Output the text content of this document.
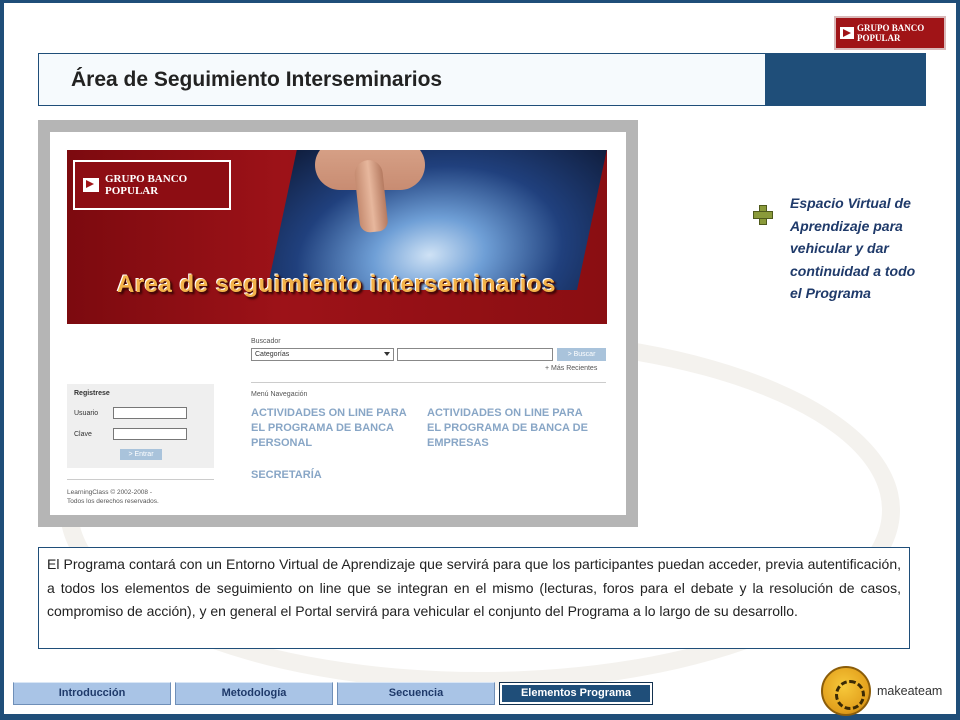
GRUPO BANCO POPULAR
Área de Seguimiento Interseminarios
GRUPO BANCO POPULAR
Area de seguimiento interseminarios
Buscador
Categorías	> Buscar
+ Más Recientes
Menú Navegación
ACTIVIDADES ON LINE PARA EL PROGRAMA DE BANCA PERSONAL
ACTIVIDADES ON LINE PARA EL PROGRAMA DE BANCA DE EMPRESAS
SECRETARÍA
Registrese
Usuario
Clave
> Entrar
LearningClass © 2002-2008 -
Todos los derechos reservados.
Espacio Virtual de Aprendizaje para vehicular y dar continuidad a todo el Programa
El Programa contará con un Entorno Virtual de Aprendizaje que servirá para que los participantes puedan acceder, previa autentificación, a todos los elementos de seguimiento on line que se integran en el mismo (lecturas, foros para el debate y la resolución de casos, compromiso de acción), y en general el Portal servirá para vehicular el conjunto del Programa a lo largo de su desarrollo.
Introducción	Metodología	Secuencia	Elementos Programa	makeateam
